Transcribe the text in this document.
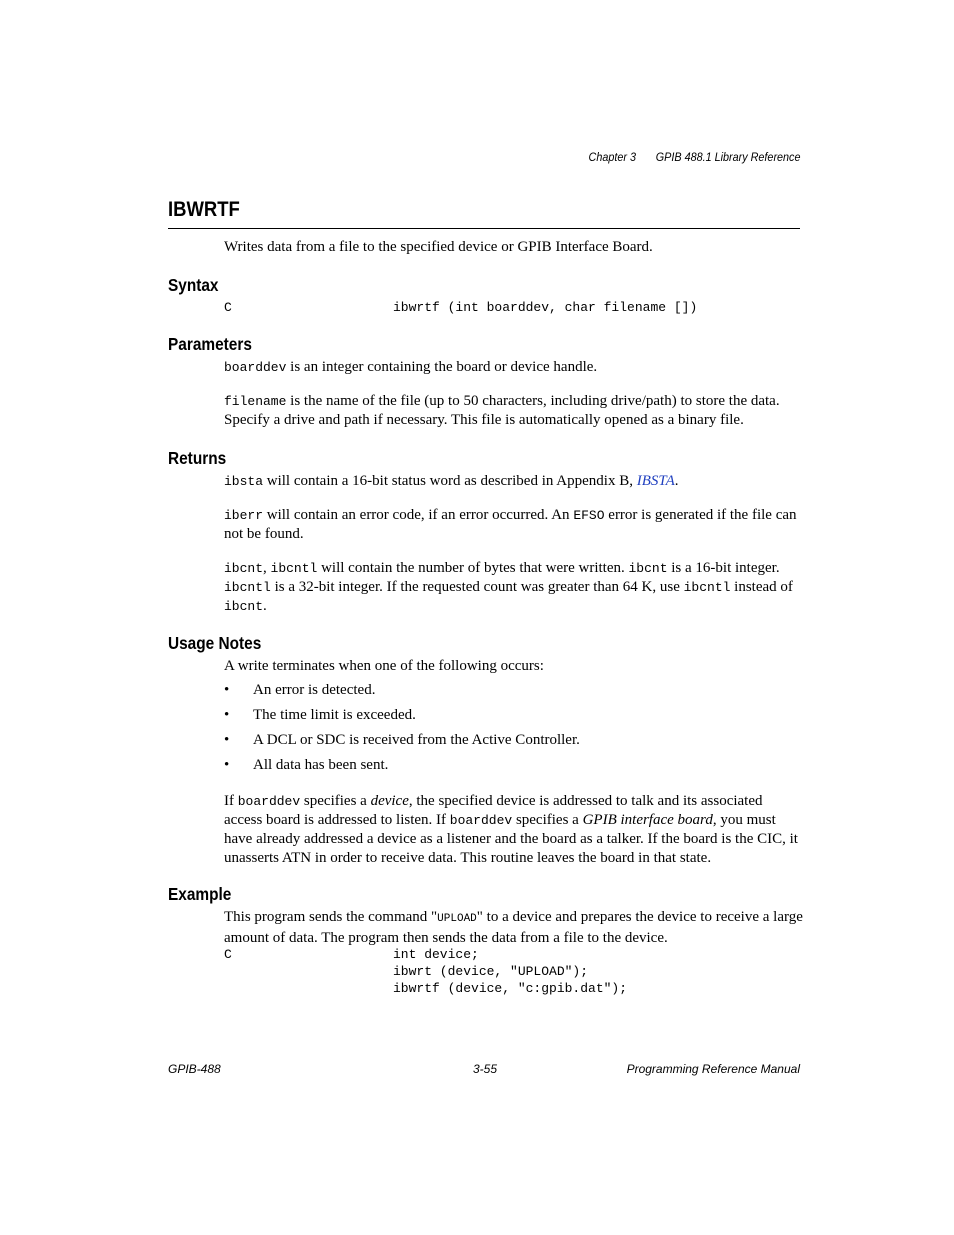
Chapter 3 GPIB 488.1 Library Reference
IBWRTF
Writes data from a file to the specified device or GPIB Interface Board.
Syntax
C	ibwrtf (int boarddev, char filename [])
Parameters
boarddev is an integer containing the board or device handle.
filename is the name of the file (up to 50 characters, including drive/path) to store the data. Specify a drive and path if necessary. This file is automatically opened as a binary file.
Returns
ibsta will contain a 16-bit status word as described in Appendix B, IBSTA.
iberr will contain an error code, if an error occurred. An EFSO error is generated if the file can not be found.
ibcnt, ibcntl will contain the number of bytes that were written. ibcnt is a 16-bit integer. ibcntl is a 32-bit integer. If the requested count was greater than 64 K, use ibcntl instead of ibcnt.
Usage Notes
A write terminates when one of the following occurs:
• An error is detected.
• The time limit is exceeded.
• A DCL or SDC is received from the Active Controller.
• All data has been sent.
If boarddev specifies a device, the specified device is addressed to talk and its associated access board is addressed to listen. If boarddev specifies a GPIB interface board, you must have already addressed a device as a listener and the board as a talker. If the board is the CIC, it unasserts ATN in order to receive data. This routine leaves the board in that state.
Example
This program sends the command "UPLOAD" to a device and prepares the device to receive a large amount of data. The program then sends the data from a file to the device.
C	int device;
ibwrt (device, "UPLOAD");
ibwrtf (device, "c:gpib.dat");
GPIB-488	3-55	Programming Reference Manual
